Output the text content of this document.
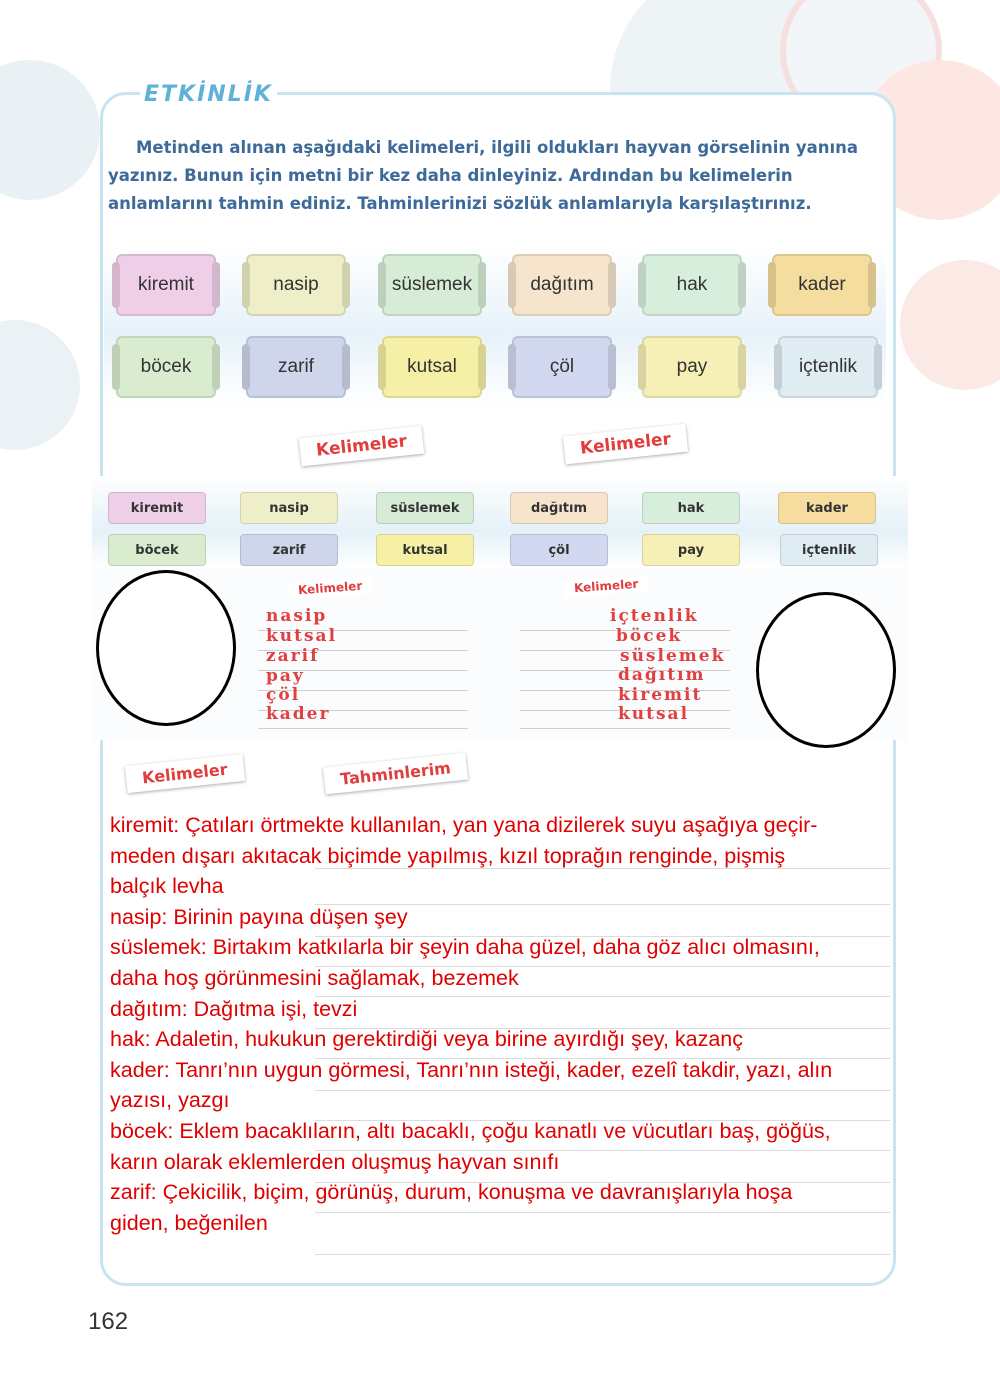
ETKİNLİK
Metinden alınan aşağıdaki kelimeleri, ilgili oldukları hayvan görselinin yanına yazınız. Bunun için metni bir kez daha dinleyiniz. Ardından bu kelimelerin anlamlarını tahmin ediniz. Tahminlerinizi sözlük anlamlarıyla karşılaştırınız.
kiremit	nasip	süslemek	dağıtım	hak	kader
böcek	zarif	kutsal	çöl	pay	içtenlik
Kelimeler	Kelimeler
kiremit	nasip	süslemek	dağıtım	hak	kader
böcek	zarif	kutsal	çöl	pay	içtenlik
Kelimeler	Kelimeler
nasip
kutsal
zarif
pay
çöl
kader
içtenlik
böcek
süslemek
dağıtım
kiremit
kutsal
Kelimeler	Tahminlerim
kiremit: Çatıları örtmekte kullanılan, yan yana dizilerek suyu aşağıya geçir-
meden dışarı akıtacak biçimde yapılmış, kızıl toprağın renginde, pişmiş
balçık levha
nasip: Birinin payına düşen şey
süslemek: Birtakım katkılarla bir şeyin daha güzel, daha göz alıcı olmasını,
daha hoş görünmesini sağlamak, bezemek
dağıtım: Dağıtma işi, tevzi
hak: Adaletin, hukukun gerektirdiği veya birine ayırdığı şey, kazanç
kader: Tanrı’nın uygun görmesi, Tanrı’nın isteği, kader, ezelî takdir, yazı, alın
yazısı, yazgı
böcek: Eklem bacaklıların, altı bacaklı, çoğu kanatlı ve vücutları baş, göğüs,
karın olarak eklemlerden oluşmuş hayvan sınıfı
zarif: Çekicilik, biçim, görünüş, durum, konuşma ve davranışlarıyla hoşa
giden, beğenilen
162
